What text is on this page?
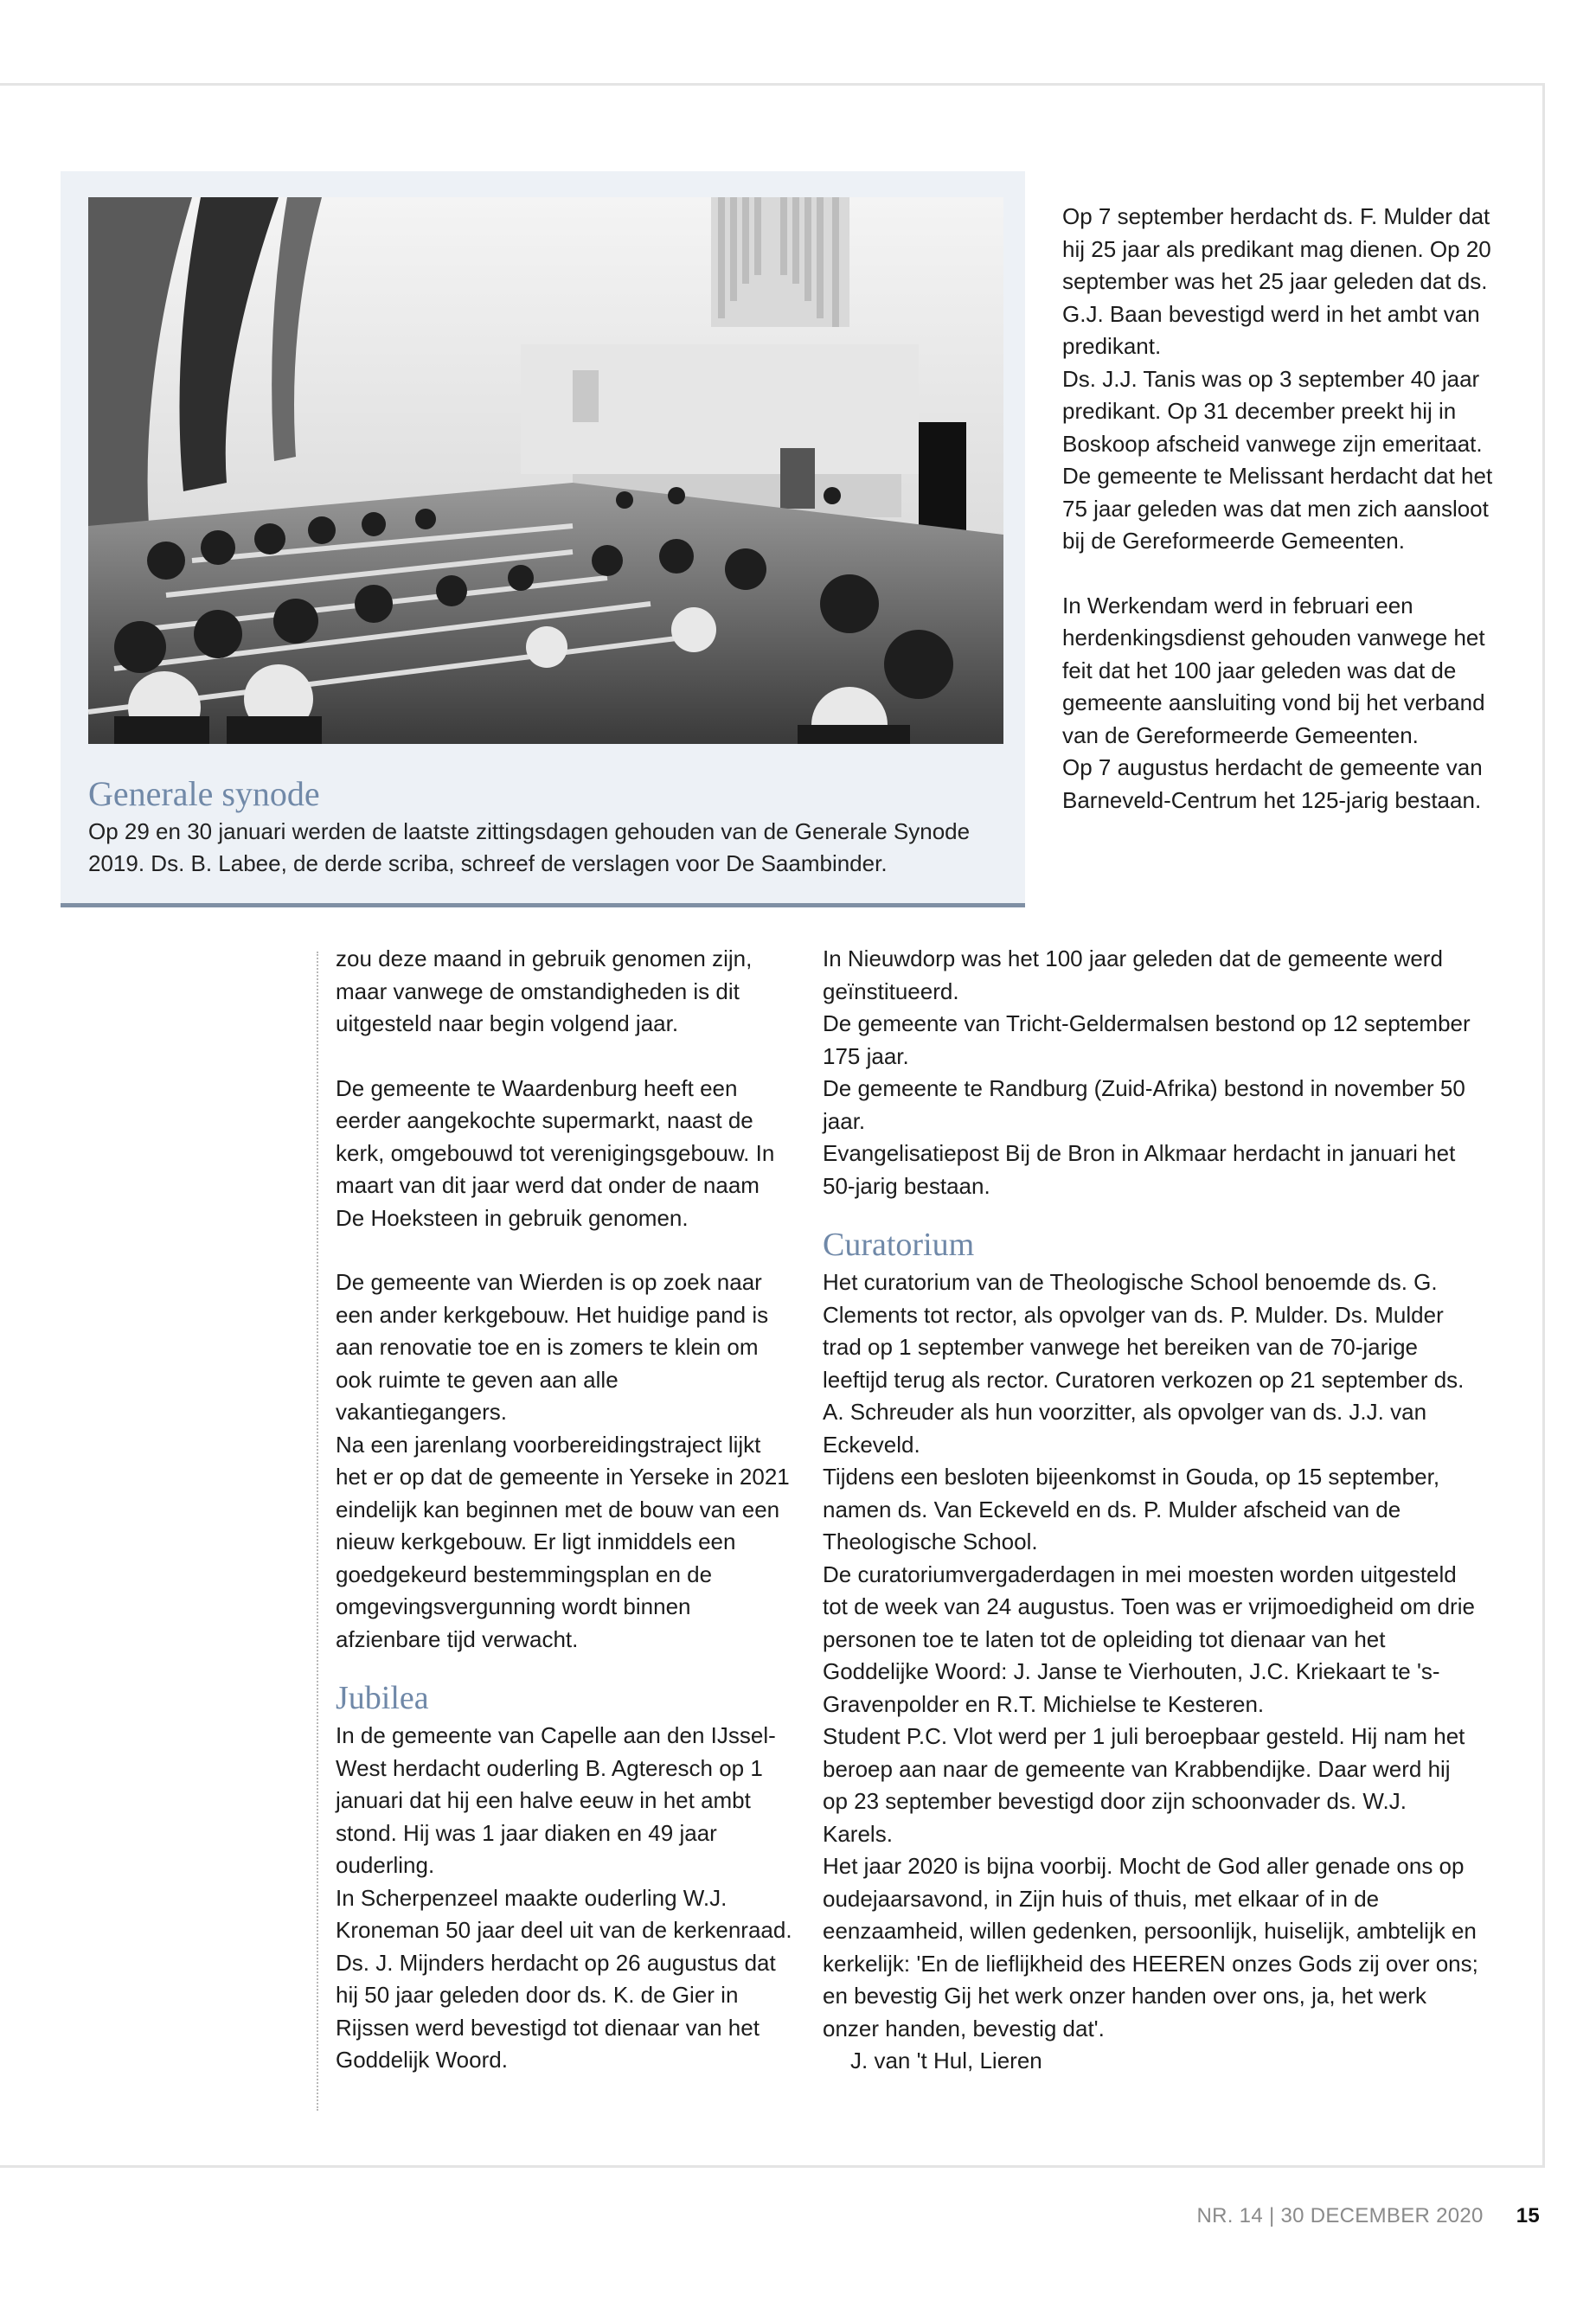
Generale synode
Op 29 en 30 januari werden de laatste zittingsdagen gehouden van de Generale Synode 2019. Ds. B. Labee, de derde scriba, schreef de verslagen voor De Saambinder.

Op 7 september herdacht ds. F. Mulder dat hij 25 jaar als predikant mag dienen. Op 20 september was het 25 jaar geleden dat ds. G.J. Baan bevestigd werd in het ambt van predikant.

Ds. J.J. Tanis was op 3 september 40 jaar predikant. Op 31 december preekt hij in Boskoop afscheid vanwege zijn emeritaat.

De gemeente te Melissant herdacht dat het 75 jaar geleden was dat men zich aansloot bij de Gereformeerde Gemeenten.

In Werkendam werd in februari een herdenkingsdienst gehouden vanwege het feit dat het 100 jaar geleden was dat de gemeente aansluiting vond bij het verband van de Gereformeerde Gemeenten.

Op 7 augustus herdacht de gemeente van Barneveld-Centrum het 125-jarig bestaan.

zou deze maand in gebruik genomen zijn, maar vanwege de omstandigheden is dit uitgesteld naar begin volgend jaar.

De gemeente te Waardenburg heeft een eerder aangekochte supermarkt, naast de kerk, omgebouwd tot verenigingsgebouw. In maart van dit jaar werd dat onder de naam De Hoeksteen in gebruik genomen.

De gemeente van Wierden is op zoek naar een ander kerkgebouw. Het huidige pand is aan renovatie toe en is zomers te klein om ook ruimte te geven aan alle vakantiegangers.

Na een jarenlang voorbereidingstraject lijkt het er op dat de gemeente in Yerseke in 2021 eindelijk kan beginnen met de bouw van een nieuw kerkgebouw. Er ligt inmiddels een goedgekeurd bestemmingsplan en de omgevingsvergunning wordt binnen afzienbare tijd verwacht.

Jubilea

In de gemeente van Capelle aan den IJssel-West herdacht ouderling B. Agteresch op 1 januari dat hij een halve eeuw in het ambt stond. Hij was 1 jaar diaken en 49 jaar ouderling.

In Scherpenzeel maakte ouderling W.J. Kroneman 50 jaar deel uit van de kerkenraad.

Ds. J. Mijnders herdacht op 26 augustus dat hij 50 jaar geleden door ds. K. de Gier in Rijssen werd bevestigd tot dienaar van het Goddelijk Woord.

In Nieuwdorp was het 100 jaar geleden dat de gemeente werd geïnstitueerd.

De gemeente van Tricht-Geldermalsen bestond op 12 september 175 jaar.

De gemeente te Randburg (Zuid-Afrika) bestond in november 50 jaar.

Evangelisatiepost Bij de Bron in Alkmaar herdacht in januari het 50-jarig bestaan.

Curatorium

Het curatorium van de Theologische School benoemde ds. G. Clements tot rector, als opvolger van ds. P. Mulder. Ds. Mulder trad op 1 september vanwege het bereiken van de 70-jarige leeftijd terug als rector. Curatoren verkozen op 21 september ds. A. Schreuder als hun voorzitter, als opvolger van ds. J.J. van Eckeveld.

Tijdens een besloten bijeenkomst in Gouda, op 15 september, namen ds. Van Eckeveld en ds. P. Mulder afscheid van de Theologische School.

De curatoriumvergaderdagen in mei moesten worden uitgesteld tot de week van 24 augustus. Toen was er vrijmoedigheid om drie personen toe te laten tot de opleiding tot dienaar van het Goddelijke Woord: J. Janse te Vierhouten, J.C. Kriekaart te 's-Gravenpolder en R.T. Michielse te Kesteren.

Student P.C. Vlot werd per 1 juli beroepbaar gesteld. Hij nam het beroep aan naar de gemeente van Krabbendijke. Daar werd hij op 23 september bevestigd door zijn schoonvader ds. W.J. Karels.

Het jaar 2020 is bijna voorbij. Mocht de God aller genade ons op oudejaarsavond, in Zijn huis of thuis, met elkaar of in de eenzaamheid, willen gedenken, persoonlijk, huiselijk, ambtelijk en kerkelijk: 'En de lieflijkheid des HEEREN onzes Gods zij over ons; en bevestig Gij het werk onzer handen over ons, ja, het werk onzer handen, bevestig dat'.

J. van 't Hul, Lieren

NR. 14 | 30 DECEMBER 2020 15
